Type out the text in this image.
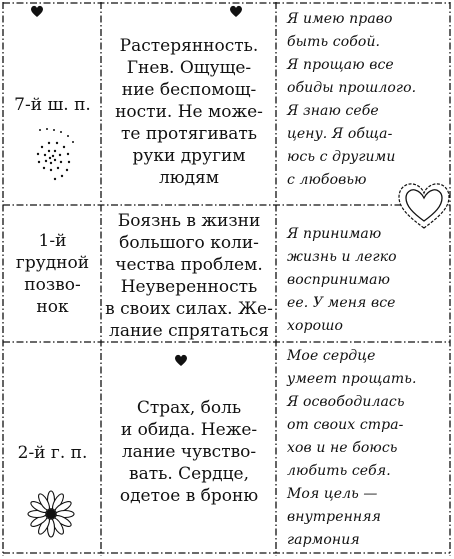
7-й ш. п.
Растерянность.
Гнев. Ощуще-
ние беспомощ-
ности. Не може-
те протягивать
руки другим
людям
Я имею право
быть собой.
Я прощаю все
обиды прошлого.
Я знаю себе
цену. Я обща-
юсь с другими
с любовью
1-й
грудной
позво-
нок
Боязнь в жизни
большого коли-
чества проблем.
Неуверенность
в своих силах. Же-
лание спрятаться
Я принимаю
жизнь и легко
воспринимаю
ее. У меня все
хорошо
2-й г. п.
Страх, боль
и обида. Неже-
лание чувство-
вать. Сердце,
одетое в броню
Мое сердце
умеет прощать.
Я освободилась
от своих стра-
хов и не боюсь
любить себя.
Моя цель —
внутренняя
гармония
